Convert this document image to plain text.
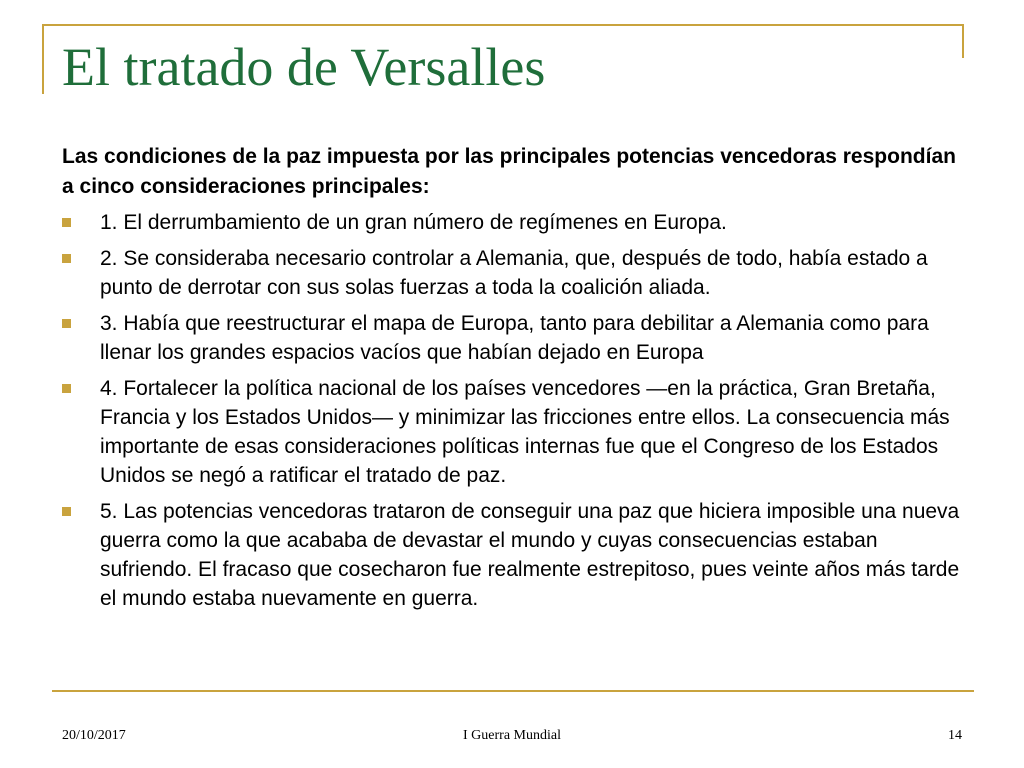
El tratado de Versalles

Las condiciones de la paz impuesta por las principales potencias vencedoras respondían a cinco consideraciones principales:

1. El derrumbamiento de un gran número de regímenes en Europa.
2. Se consideraba necesario controlar a Alemania, que, después de todo, había estado a punto de derrotar con sus solas fuerzas a toda la coalición aliada.
3. Había que reestructurar el mapa de Europa, tanto para debilitar a Alemania como para llenar los grandes espacios vacíos que habían dejado en Europa
4. Fortalecer la política nacional de los países vencedores —en la práctica, Gran Bretaña, Francia y los Estados Unidos— y minimizar las fricciones entre ellos. La consecuencia más importante de esas consideraciones políticas internas fue que el Congreso de los Estados Unidos se negó a ratificar el tratado de paz.
5. Las potencias vencedoras trataron de conseguir una paz que hiciera imposible una nueva guerra como la que acababa de devastar el mundo y cuyas consecuencias estaban sufriendo. El fracaso que cosecharon fue realmente estrepitoso, pues veinte años más tarde el mundo estaba nuevamente en guerra.
20/10/2017	I Guerra Mundial	14
